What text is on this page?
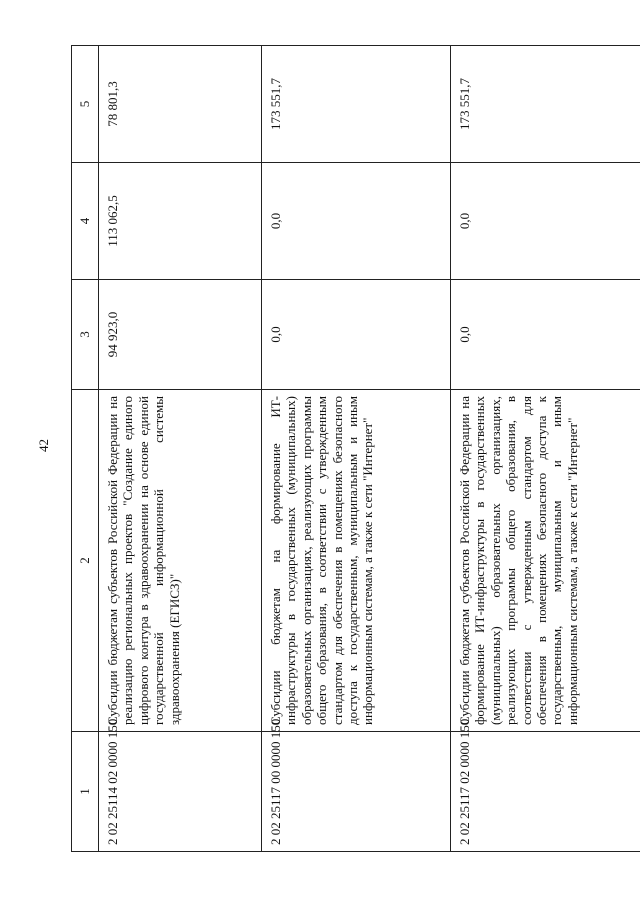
42
1	2	3	4	5
2 02 25114 02 0000 150	Субсидии бюджетам субъектов Российской Федерации на реализацию региональных проектов "Создание единого цифрового контура в здравоохранении на основе единой государственной информационной системы здравоохранения (ЕГИСЗ)"	94 923,0	113 062,5	78 801,3
2 02 25117 00 0000 150	Субсидии бюджетам на формирование ИТ-инфраструктуры в государственных (муниципальных) образовательных организациях, реализующих программы общего образования, в соответствии с утвержденным стандартом для обеспечения в помещениях безопасного доступа к государственным, муниципальным и иным информационным системам, а также к сети "Интернет"	0,0	0,0	173 551,7
2 02 25117 02 0000 150	Субсидии бюджетам субъектов Российской Федерации на формирование ИТ-инфраструктуры в государственных (муниципальных) образовательных организациях, реализующих программы общего образования, в соответствии с утвержденным стандартом для обеспечения в помещениях безопасного доступа к государственным, муниципальным и иным информационным системам, а также к сети "Интернет"	0,0	0,0	173 551,7
